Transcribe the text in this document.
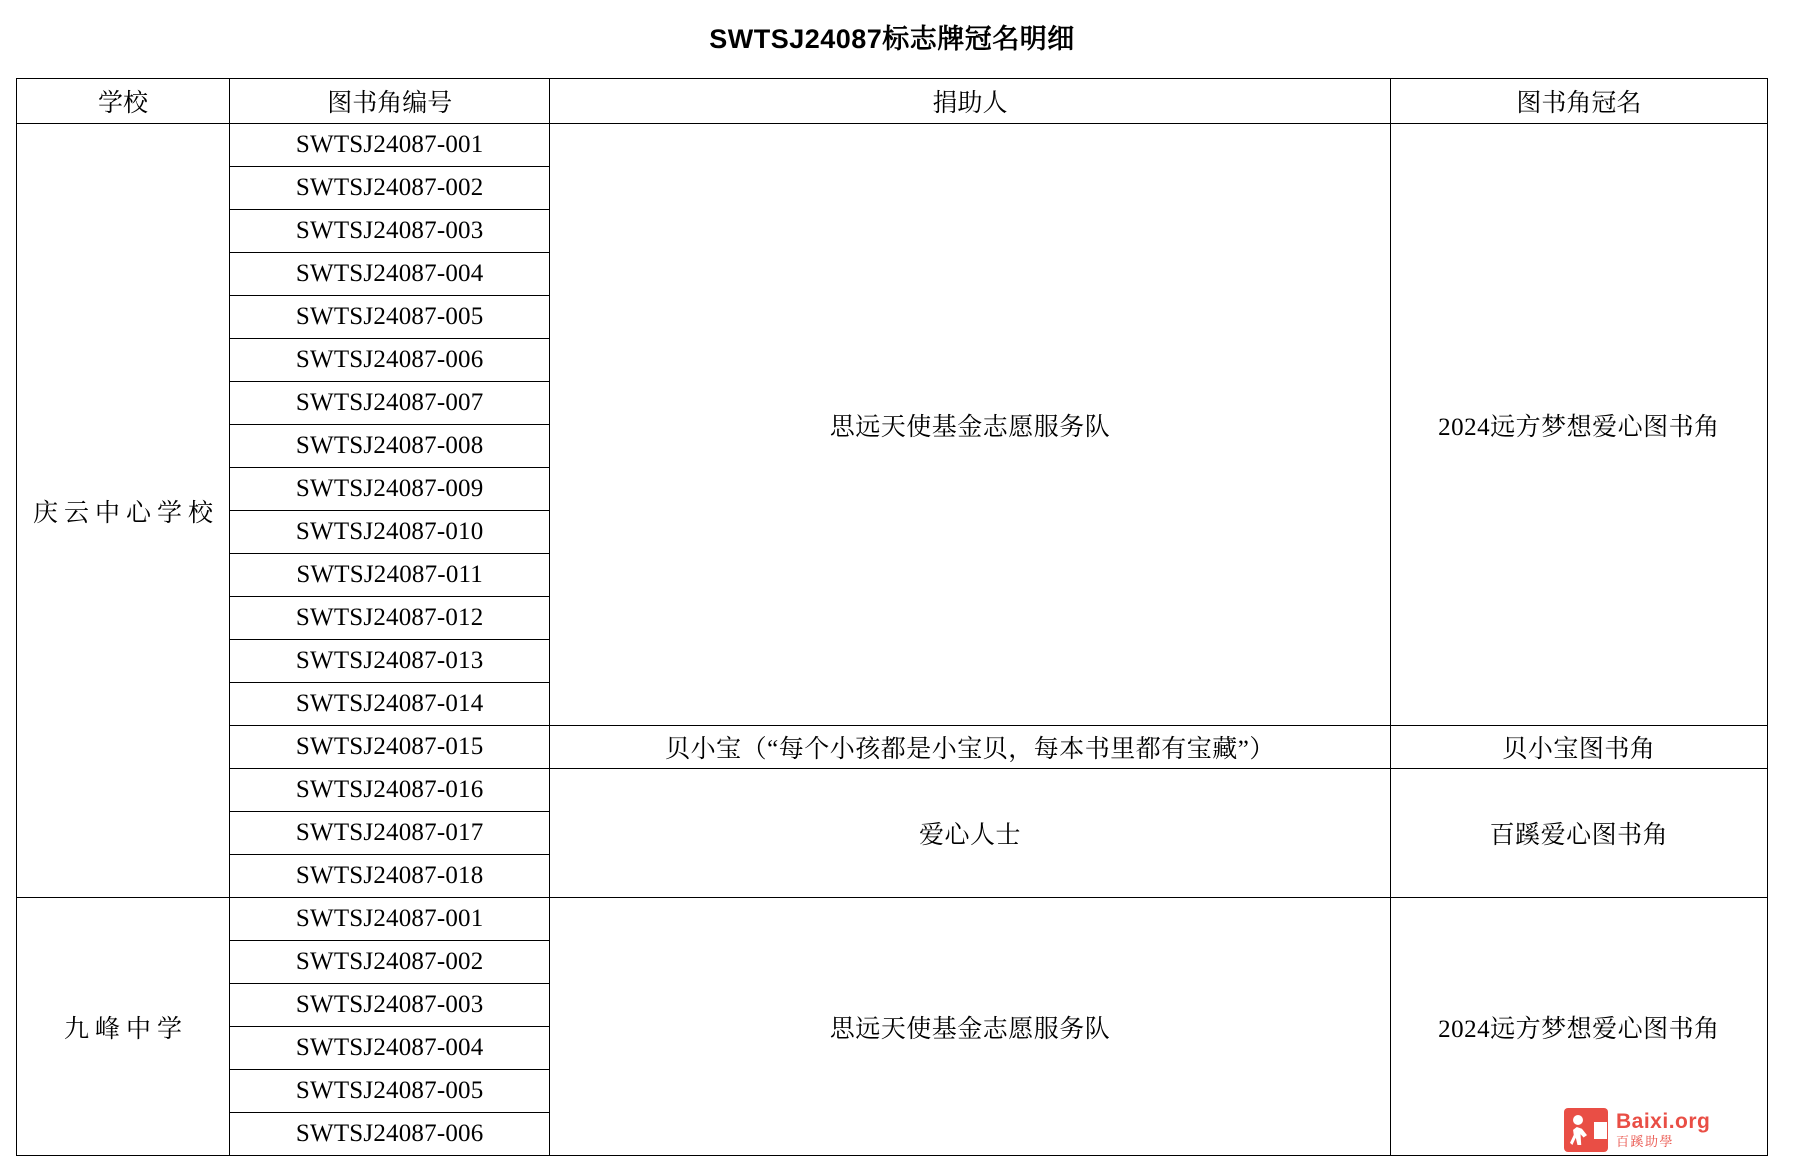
SWTSJ24087标志牌冠名明细
学校	图书角编号	捐助人	图书角冠名
庆云中心学校	SWTSJ24087-001	思远天使基金志愿服务队	2024远方梦想爱心图书角
	SWTSJ24087-002		
	SWTSJ24087-003		
	SWTSJ24087-004		
	SWTSJ24087-005		
	SWTSJ24087-006		
	SWTSJ24087-007		
	SWTSJ24087-008		
	SWTSJ24087-009		
	SWTSJ24087-010		
	SWTSJ24087-011		
	SWTSJ24087-012		
	SWTSJ24087-013		
	SWTSJ24087-014		
	SWTSJ24087-015	贝小宝（“每个小孩都是小宝贝，每本书里都有宝藏”）	贝小宝图书角
	SWTSJ24087-016	爱心人士	百蹊爱心图书角
	SWTSJ24087-017		
	SWTSJ24087-018		
九峰中学	SWTSJ24087-001	思远天使基金志愿服务队	2024远方梦想爱心图书角
	SWTSJ24087-002		
	SWTSJ24087-003		
	SWTSJ24087-004		
	SWTSJ24087-005		
	SWTSJ24087-006			Baixi.org
百蹊助學
